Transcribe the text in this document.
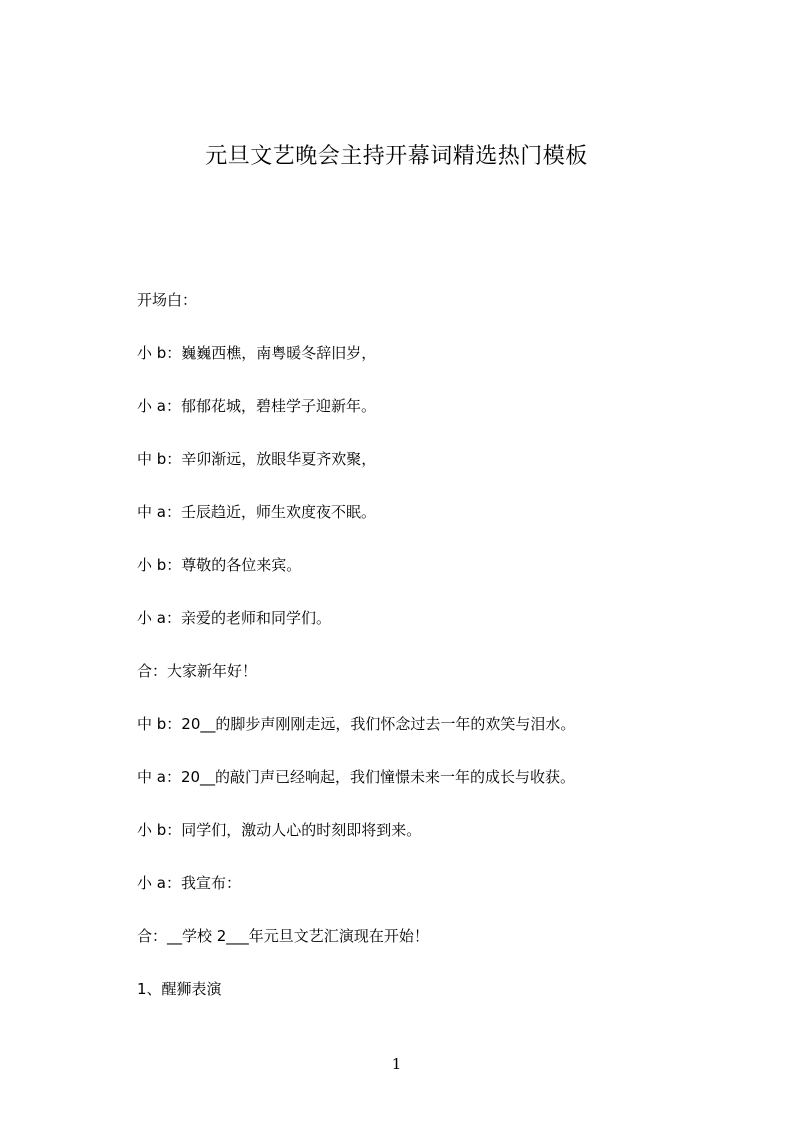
元旦文艺晚会主持开幕词精选热门模板
开场白：
小 b：巍巍西樵，南粤暖冬辞旧岁，
小 a：郁郁花城，碧桂学子迎新年。
中 b：辛卯渐远，放眼华夏齐欢聚，
中 a：壬辰趋近，师生欢度夜不眠。
小 b：尊敬的各位来宾。
小 a：亲爱的老师和同学们。
合：大家新年好！
中 b：20__的脚步声刚刚走远，我们怀念过去一年的欢笑与泪水。
中 a：20__的敲门声已经响起，我们憧憬未来一年的成长与收获。
小 b：同学们，激动人心的时刻即将到来。
小 a：我宣布：
合：__学校 2___年元旦文艺汇演现在开始！
1、醒狮表演
1
